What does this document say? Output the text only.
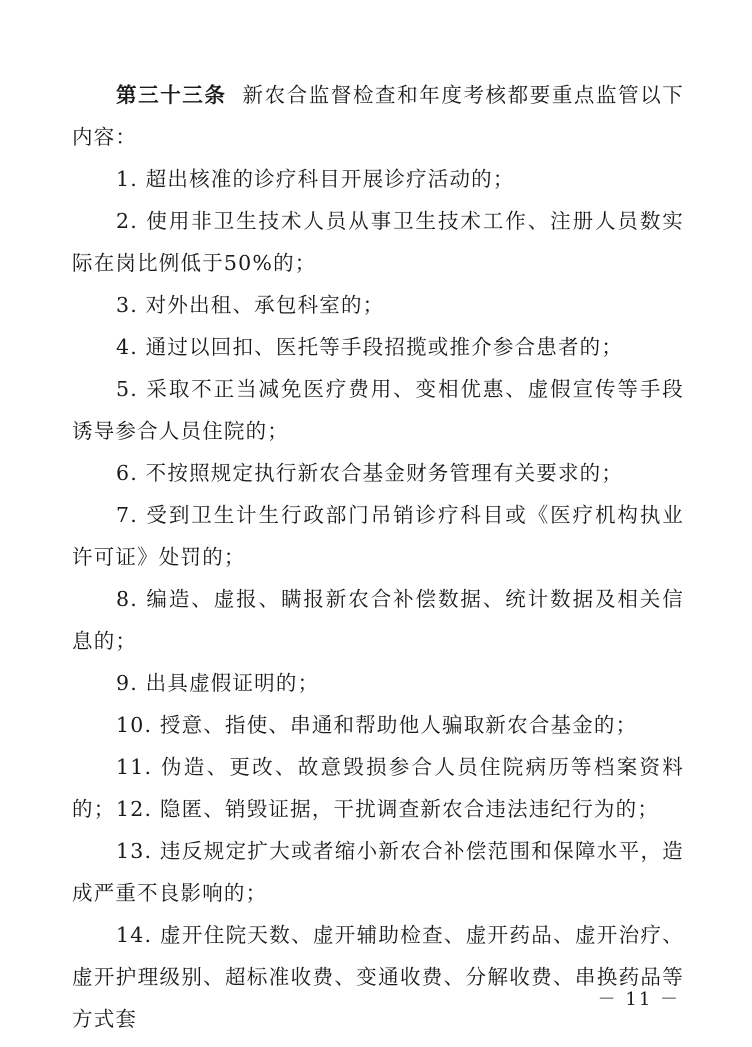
第三十三条 新农合监督检查和年度考核都要重点监管以下内容：
1. 超出核准的诊疗科目开展诊疗活动的；
2. 使用非卫生技术人员从事卫生技术工作、注册人员数实际在岗比例低于50%的；
3. 对外出租、承包科室的；
4. 通过以回扣、医托等手段招揽或推介参合患者的；
5. 采取不正当减免医疗费用、变相优惠、虚假宣传等手段诱导参合人员住院的；
6. 不按照规定执行新农合基金财务管理有关要求的；
7. 受到卫生计生行政部门吊销诊疗科目或《医疗机构执业许可证》处罚的；
8. 编造、虚报、瞒报新农合补偿数据、统计数据及相关信息的；
9. 出具虚假证明的；
10. 授意、指使、串通和帮助他人骗取新农合基金的；
11. 伪造、更改、故意毁损参合人员住院病历等档案资料的； 12. 隐匿、销毁证据，干扰调查新农合违法违纪行为的；
13. 违反规定扩大或者缩小新农合补偿范围和保障水平，造成严重不良影响的；
14. 虚开住院天数、虚开辅助检查、虚开药品、虚开治疗、虚开护理级别、超标准收费、变通收费、分解收费、串换药品等方式套
－ 11 －
